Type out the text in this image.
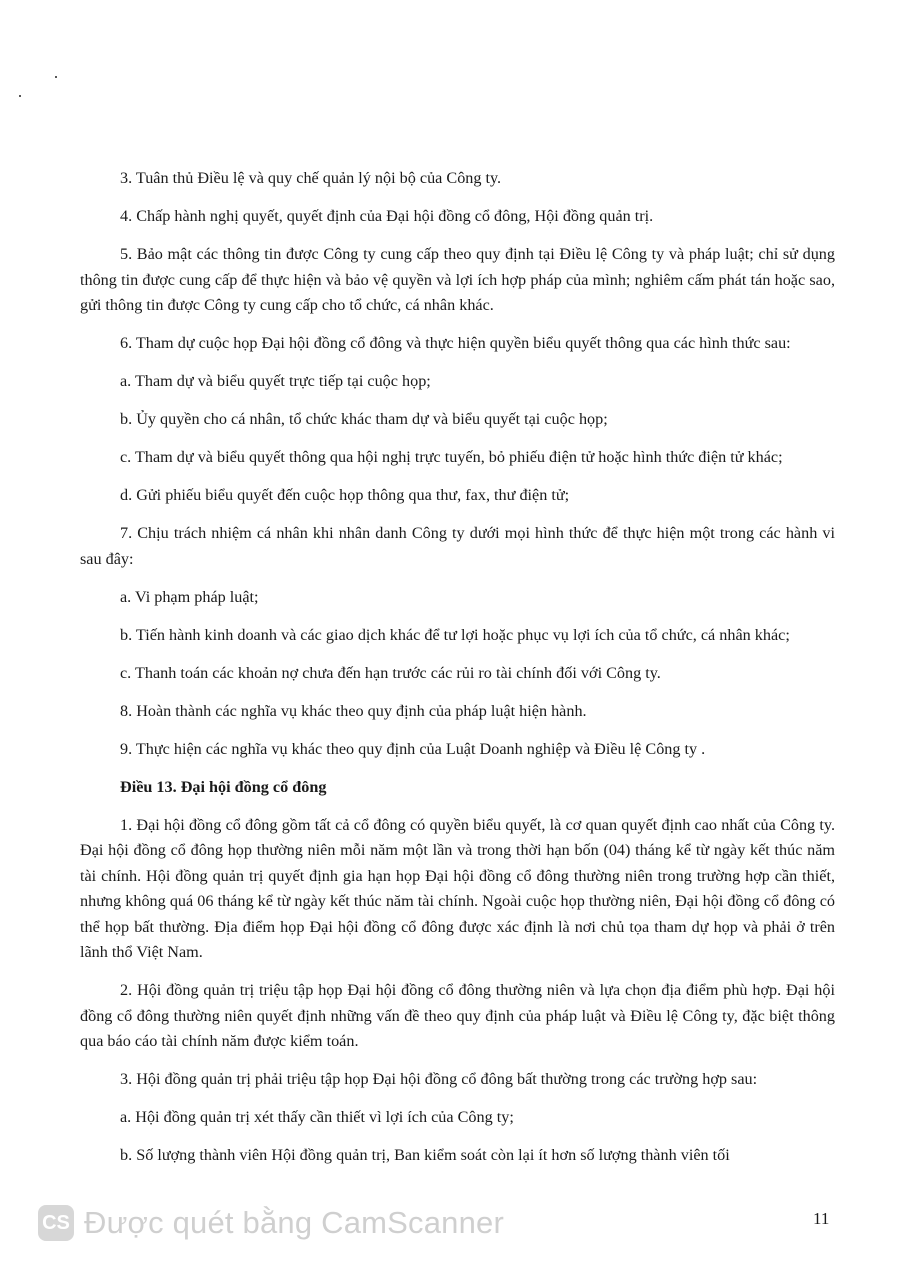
3. Tuân thủ Điều lệ và quy chế quản lý nội bộ của Công ty.

4. Chấp hành nghị quyết, quyết định của Đại hội đồng cổ đông, Hội đồng quản trị.

5. Bảo mật các thông tin được Công ty cung cấp theo quy định tại Điều lệ Công ty và pháp luật; chỉ sử dụng thông tin được cung cấp để thực hiện và bảo vệ quyền và lợi ích hợp pháp của mình; nghiêm cấm phát tán hoặc sao, gửi thông tin được Công ty cung cấp cho tổ chức, cá nhân khác.

6. Tham dự cuộc họp Đại hội đồng cổ đông và thực hiện quyền biểu quyết thông qua các hình thức sau:

a. Tham dự và biểu quyết trực tiếp tại cuộc họp;

b. Ủy quyền cho cá nhân, tổ chức khác tham dự và biểu quyết tại cuộc họp;

c. Tham dự và biểu quyết thông qua hội nghị trực tuyến, bỏ phiếu điện tử hoặc hình thức điện tử khác;

d. Gửi phiếu biểu quyết đến cuộc họp thông qua thư, fax, thư điện tử;

7. Chịu trách nhiệm cá nhân khi nhân danh Công ty dưới mọi hình thức để thực hiện một trong các hành vi sau đây:

a. Vi phạm pháp luật;

b. Tiến hành kinh doanh và các giao dịch khác để tư lợi hoặc phục vụ lợi ích của tổ chức, cá nhân khác;

c. Thanh toán các khoản nợ chưa đến hạn trước các rủi ro tài chính đối với Công ty.

8. Hoàn thành các nghĩa vụ khác theo quy định của pháp luật hiện hành.

9. Thực hiện các nghĩa vụ khác theo quy định của Luật Doanh nghiệp và Điều lệ Công ty .

Điều 13. Đại hội đồng cổ đông

1. Đại hội đồng cổ đông gồm tất cả cổ đông có quyền biểu quyết, là cơ quan quyết định cao nhất của Công ty. Đại hội đồng cổ đông họp thường niên mỗi năm một lần và trong thời hạn bốn (04) tháng kể từ ngày kết thúc năm tài chính. Hội đồng quản trị quyết định gia hạn họp Đại hội đồng cổ đông thường niên trong trường hợp cần thiết, nhưng không quá 06 tháng kể từ ngày kết thúc năm tài chính. Ngoài cuộc họp thường niên, Đại hội đồng cổ đông có thể họp bất thường. Địa điểm họp Đại hội đồng cổ đông được xác định là nơi chủ tọa tham dự họp và phải ở trên lãnh thổ Việt Nam.

2. Hội đồng quản trị triệu tập họp Đại hội đồng cổ đông thường niên và lựa chọn địa điểm phù hợp. Đại hội đồng cổ đông thường niên quyết định những vấn đề theo quy định của pháp luật và Điều lệ Công ty, đặc biệt thông qua báo cáo tài chính năm được kiểm toán.

3. Hội đồng quản trị phải triệu tập họp Đại hội đồng cổ đông bất thường trong các trường hợp sau:

a. Hội đồng quản trị xét thấy cần thiết vì lợi ích của Công ty;

b. Số lượng thành viên Hội đồng quản trị, Ban kiểm soát còn lại ít hơn số lượng thành viên tối

11
CS Được quét bằng CamScanner
